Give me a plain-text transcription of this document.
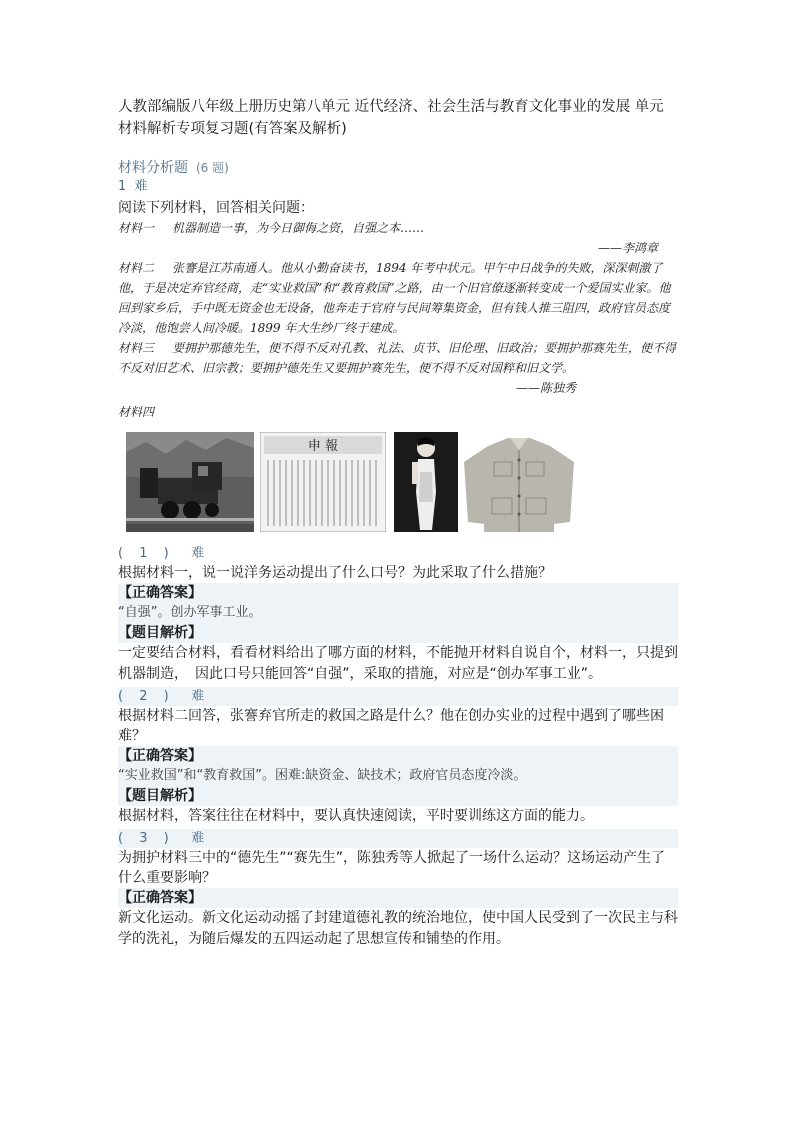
人教部编版八年级上册历史第八单元 近代经济、社会生活与教育文化事业的发展 单元材料解析专项复习题(有答案及解析)
材料分析题 (6 题)
1 难
阅读下列材料，回答相关问题：
材料一 机器制造一事，为今日御侮之资，自强之本……
——李鸿章
材料二 张謇是江苏南通人。他从小勤奋读书，1894 年考中状元。甲午中日战争的失败，深深刺激了他，于是决定弃官经商，走“实业救国”和“教育救国”之路，由一个旧官僚逐渐转变成一个爱国实业家。他回到家乡后，手中既无资金也无设备，他奔走于官府与民间筹集资金，但有钱人推三阻四，政府官员态度冷淡，他饱尝人间冷暖。1899 年大生纱厂终于建成。
材料三 要拥护那德先生，便不得不反对孔教、礼法、贞节、旧伦理、旧政治；要拥护那赛先生，便不得不反对旧艺术、旧宗教；要拥护德先生又要拥护赛先生，便不得不反对国粹和旧文学。
——陈独秀
材料四
申 報
( 1 ) 难
根据材料一，说一说洋务运动提出了什么口号？为此采取了什么措施？
【正确答案】
“自强”。创办军事工业。
【题目解析】
一定要结合材料，看看材料给出了哪方面的材料，不能抛开材料自说自个，材料一，只提到机器制造，　因此口号只能回答“自强”，采取的措施，对应是“创办军事工业”。
( 2 ) 难
根据材料二回答，张謇弃官所走的救国之路是什么？他在创办实业的过程中遇到了哪些困难？
【正确答案】
“实业救国”和“教育救国”。困难:缺资金、缺技术；政府官员态度冷淡。
【题目解析】
根据材料，答案往往在材料中，要认真快速阅读，平时要训练这方面的能力。
( 3 ) 难
为拥护材料三中的“德先生”“赛先生”，陈独秀等人掀起了一场什么运动？这场运动产生了什么重要影响？
【正确答案】
新文化运动。新文化运动动摇了封建道德礼教的统治地位，使中国人民受到了一次民主与科学的洗礼，为随后爆发的五四运动起了思想宣传和铺垫的作用。
